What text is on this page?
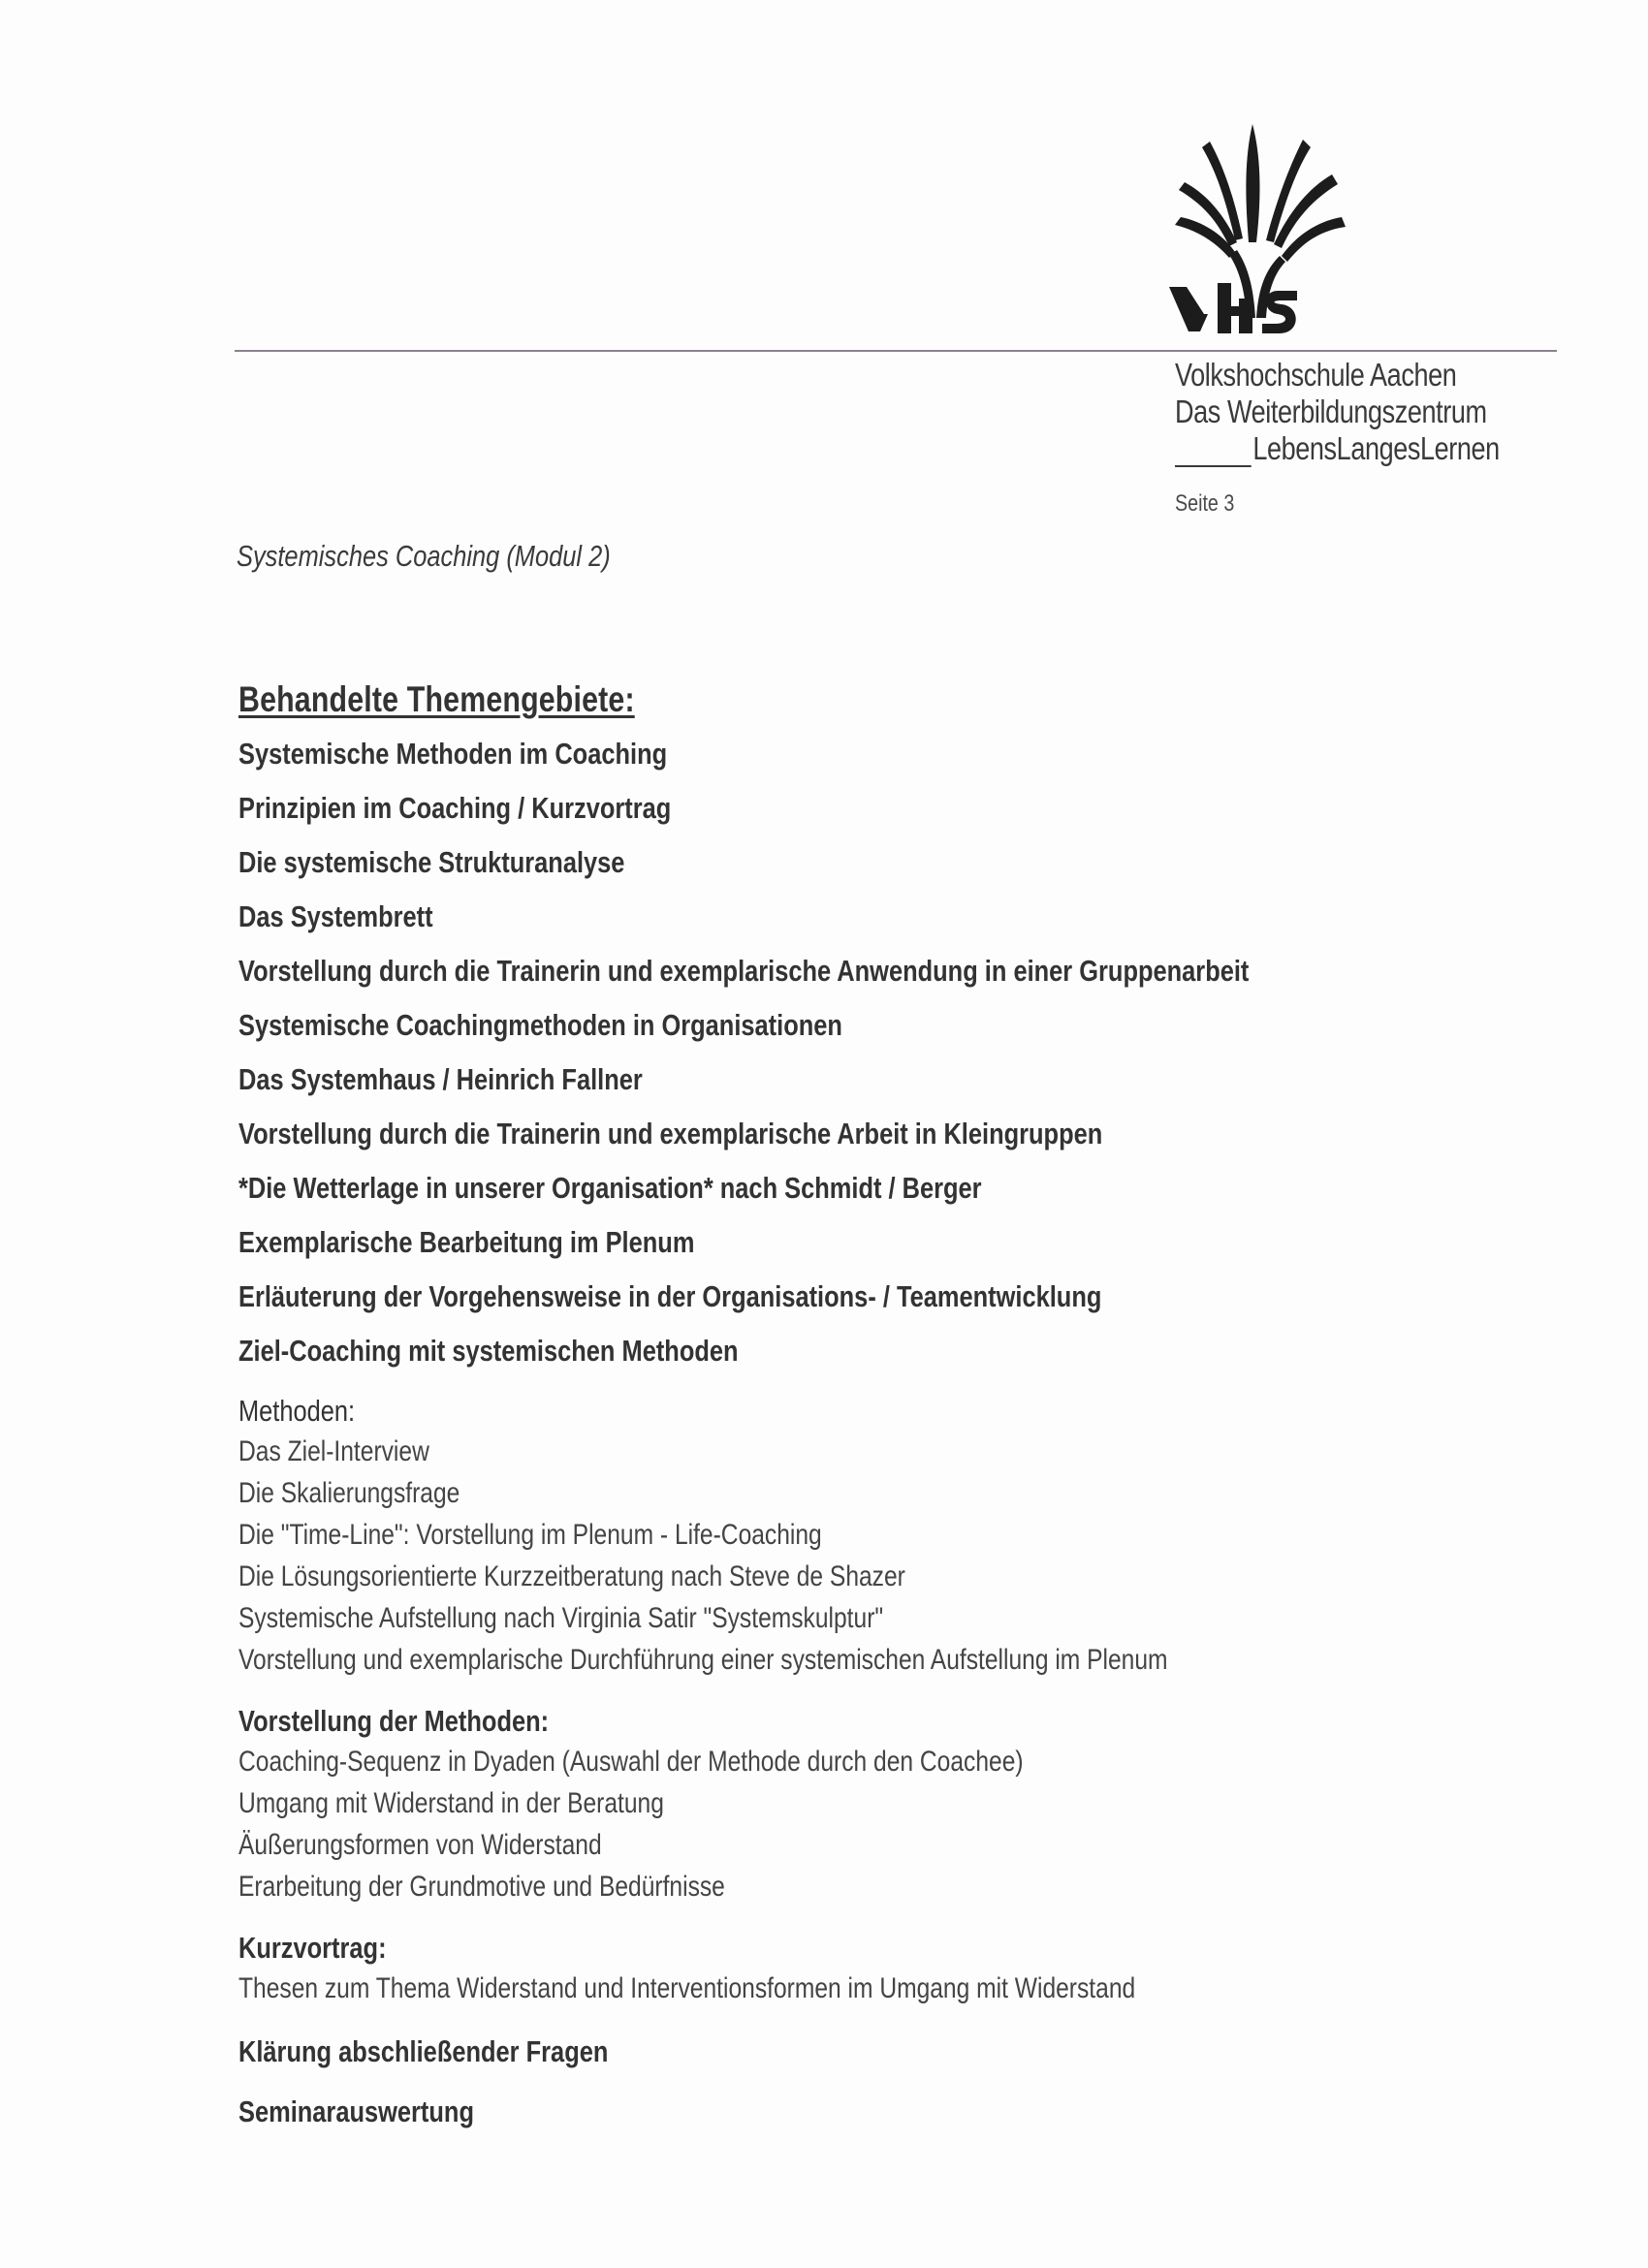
Volkshochschule Aachen
Das Weiterbildungszentrum
LebensLangesLernen
Seite 3
Systemisches Coaching (Modul 2)
Behandelte Themengebiete:
Systemische Methoden im Coaching
Prinzipien im Coaching / Kurzvortrag
Die systemische Strukturanalyse
Das Systembrett
Vorstellung durch die Trainerin und exemplarische Anwendung in einer Gruppenarbeit
Systemische Coachingmethoden in Organisationen
Das Systemhaus / Heinrich Fallner
Vorstellung durch die Trainerin und exemplarische Arbeit in Kleingruppen
*Die Wetterlage in unserer Organisation* nach Schmidt / Berger
Exemplarische Bearbeitung im Plenum
Erläuterung der Vorgehensweise in der Organisations- / Teamentwicklung
Ziel-Coaching mit systemischen Methoden
Methoden:
Das Ziel-Interview
Die Skalierungsfrage
Die "Time-Line": Vorstellung im Plenum - Life-Coaching
Die Lösungsorientierte Kurzzeitberatung nach Steve de Shazer
Systemische Aufstellung nach Virginia Satir "Systemskulptur"
Vorstellung und exemplarische Durchführung einer systemischen Aufstellung im Plenum
Vorstellung der Methoden:
Coaching-Sequenz in Dyaden (Auswahl der Methode durch den Coachee)
Umgang mit Widerstand in der Beratung
Äußerungsformen von Widerstand
Erarbeitung der Grundmotive und Bedürfnisse
Kurzvortrag:
Thesen zum Thema Widerstand und Interventionsformen im Umgang mit Widerstand
Klärung abschließender Fragen
Seminarauswertung
